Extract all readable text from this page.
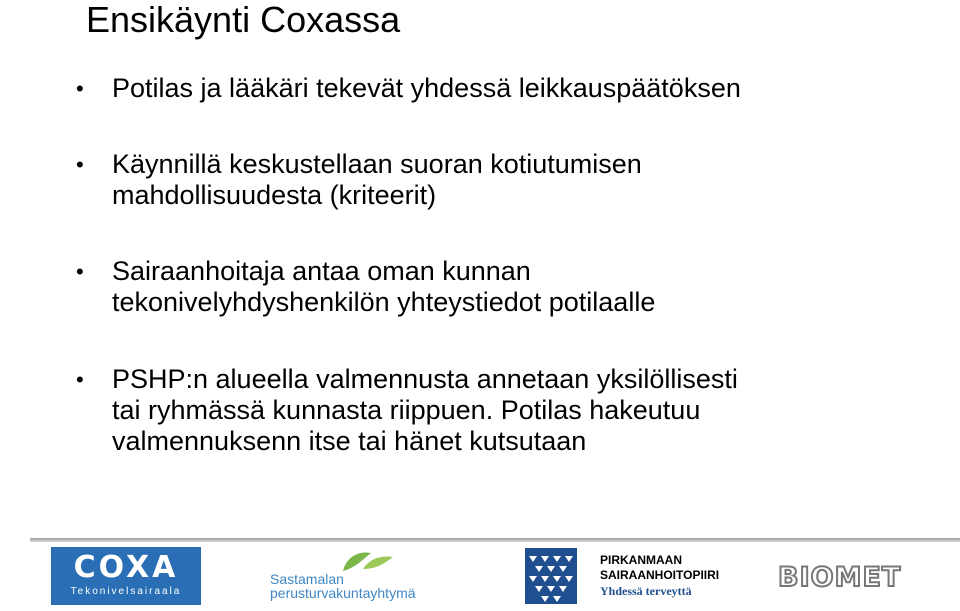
Ensikäynti Coxassa
•	Potilas ja lääkäri tekevät yhdessä leikkauspäätöksen
•	Käynnillä keskustellaan suoran kotiutumisen
mahdollisuudesta (kriteerit)
•	Sairaanhoitaja antaa oman kunnan
tekonivelyhdyshenkilön yhteystiedot potilaalle
•	PSHP:n alueella valmennusta annetaan yksilöllisesti
tai ryhmässä kunnasta riippuen. Potilas hakeutuu
valmennuksenn itse tai hänet kutsutaan
COXA
Tekonivelsairaala
Sastamalan
perusturvakuntayhtymä
PIRKANMAAN
SAIRAANHOITOPIIRI
Yhdessä terveyttä	BIOMET
